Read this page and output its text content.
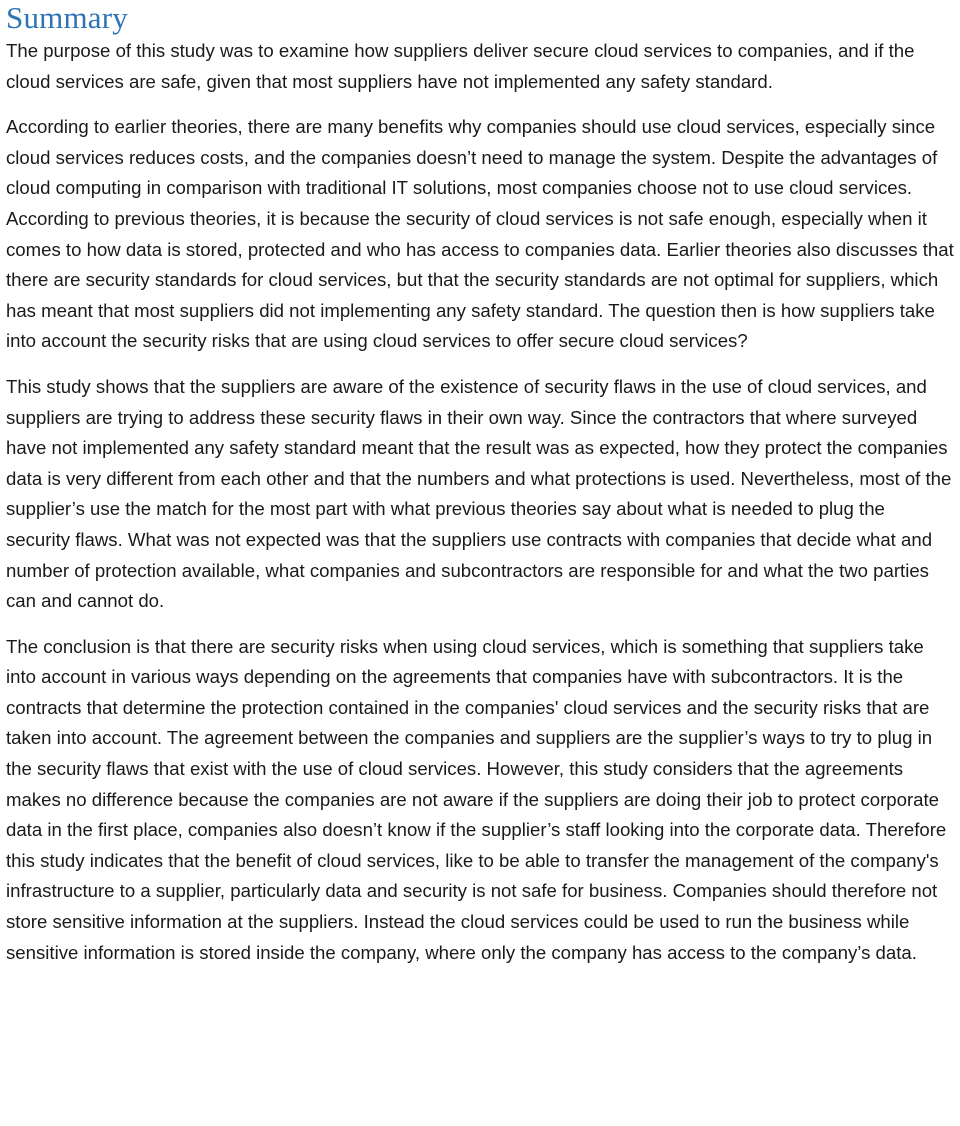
Summary

The purpose of this study was to examine how suppliers deliver secure cloud services to companies, and if the cloud services are safe, given that most suppliers have not implemented any safety standard.

According to earlier theories, there are many benefits why companies should use cloud services, especially since cloud services reduces costs, and the companies doesn’t need to manage the system. Despite the advantages of cloud computing in comparison with traditional IT solutions, most companies choose not to use cloud services. According to previous theories, it is because the security of cloud services is not safe enough, especially when it comes to how data is stored, protected and who has access to companies data. Earlier theories also discusses that there are security standards for cloud services, but that the security standards are not optimal for suppliers, which has meant that most suppliers did not implementing any safety standard. The question then is how suppliers take into account the security risks that are using cloud services to offer secure cloud services?

This study shows that the suppliers are aware of the existence of security flaws in the use of cloud services, and suppliers are trying to address these security flaws in their own way. Since the contractors that where surveyed have not implemented any safety standard meant that the result was as expected, how they protect the companies data is very different from each other and that the numbers and what protections is used. Nevertheless, most of the supplier’s use the match for the most part with what previous theories say about what is needed to plug the security flaws. What was not expected was that the suppliers use contracts with companies that decide what and number of protection available, what companies and subcontractors are responsible for and what the two parties can and cannot do.

The conclusion is that there are security risks when using cloud services, which is something that suppliers take into account in various ways depending on the agreements that companies have with subcontractors. It is the contracts that determine the protection contained in the companies' cloud services and the security risks that are taken into account. The agreement between the companies and suppliers are the supplier’s ways to try to plug in the security flaws that exist with the use of cloud services. However, this study considers that the agreements makes no difference because the companies are not aware if the suppliers are doing their job to protect corporate data in the first place, companies also doesn’t know if the supplier’s staff looking into the corporate data. Therefore this study indicates that the benefit of cloud services, like to be able to transfer the management of the company's infrastructure to a supplier, particularly data and security is not safe for business. Companies should therefore not store sensitive information at the suppliers. Instead the cloud services could be used to run the business while sensitive information is stored inside the company, where only the company has access to the company’s data.
